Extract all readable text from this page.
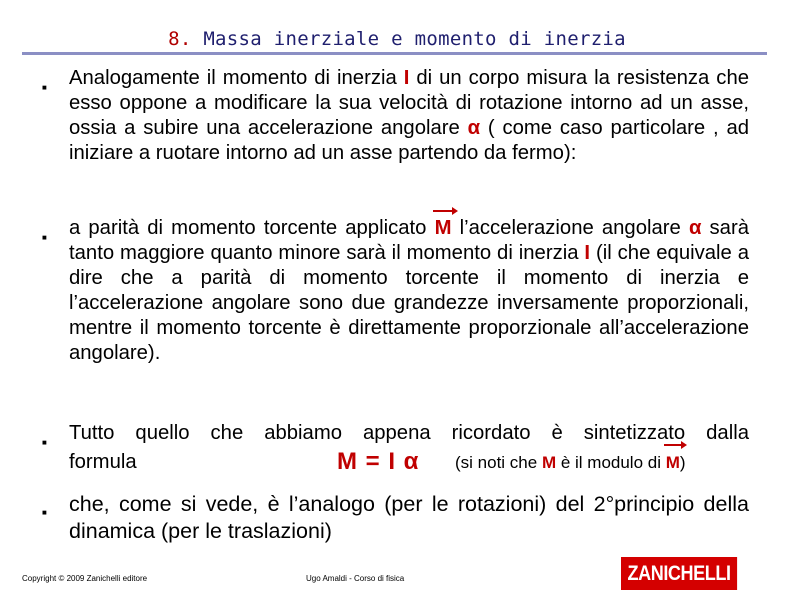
8. Massa inerziale e momento di inerzia
■ Analogamente il momento di inerzia I di un corpo misura la resistenza che esso oppone a modificare la sua velocità di rotazione intorno ad un asse, ossia a subire una accelerazione angolare α ( come caso particolare , ad iniziare a ruotare intorno ad un asse partendo da fermo):
■ a parità di momento torcente applicato
M l’accelerazione angolare α sarà tanto maggiore quanto minore sarà il momento di inerzia I (il che equivale a dire che a parità di momento torcente il momento di inerzia e l’accelerazione angolare sono due grandezze inversamente proporzionali, mentre il momento torcente è direttamente proporzionale all’accelerazione angolare).
■ Tutto quello che abbiamo appena ricordato è sintetizzato dalla
formula	M = I α (si noti che M è il modulo di
M)
■ che, come si vede, è l’analogo (per le rotazioni) del 2°principio della dinamica (per le traslazioni)
Copyright © 2009 Zanichelli editore	Ugo Amaldi - Corso di fisica	ZANICHELLI
